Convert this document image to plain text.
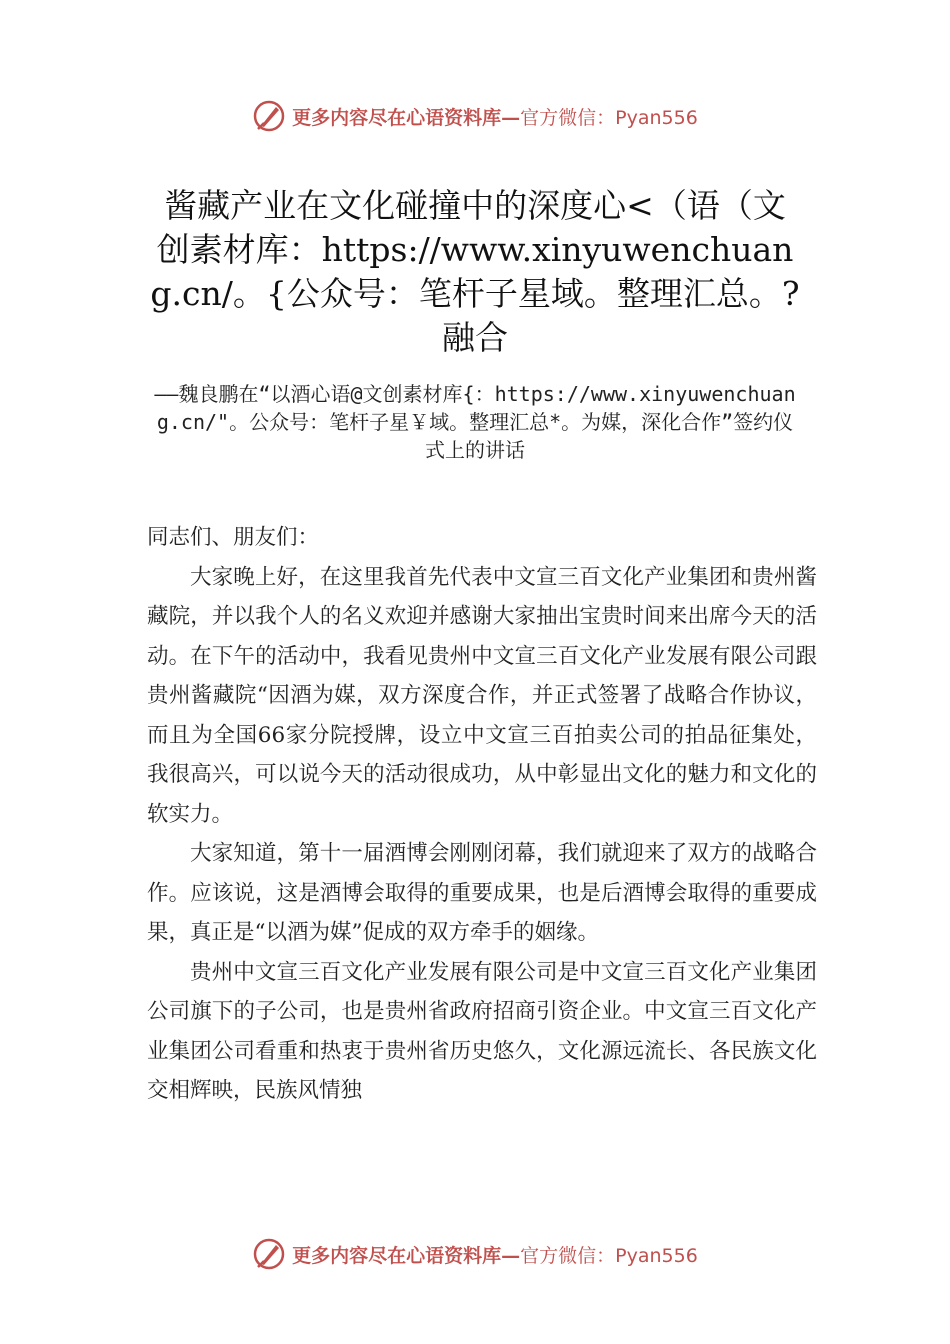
更多内容尽在心语资料库— 官方微信：Pyan556
酱藏产业在文化碰撞中的深度心<（语（文创素材库：https://www.xinyuwenchuang.cn/。{公众号：笔杆子星域。整理汇总。?融合
——魏良鹏在“以酒心语@文创素材库{：https://www.xinyuwenchuang.cn/"。公众号：笔杆子星￥域。整理汇总*。为媒，深化合作”签约仪式上的讲话

同志们、朋友们：

大家晚上好，在这里我首先代表中文宣三百文化产业集团和贵州酱藏院，并以我个人的名义欢迎并感谢大家抽出宝贵时间来出席今天的活动。在下午的活动中，我看见贵州中文宣三百文化产业发展有限公司跟贵州酱藏院“因酒为媒，双方深度合作，并正式签署了战略合作协议，而且为全国66家分院授牌，设立中文宣三百拍卖公司的拍品征集处，我很高兴，可以说今天的活动很成功，从中彰显出文化的魅力和文化的软实力。

大家知道，第十一届酒博会刚刚闭幕，我们就迎来了双方的战略合作。应该说，这是酒博会取得的重要成果，也是后酒博会取得的重要成果，真正是“以酒为媒”促成的双方牵手的姻缘。

贵州中文宣三百文化产业发展有限公司是中文宣三百文化产业集团公司旗下的子公司，也是贵州省政府招商引资企业。中文宣三百文化产业集团公司看重和热衷于贵州省历史悠久，文化源远流长、各民族文化交相辉映，民族风情独

更多内容尽在心语资料库— 官方微信：Pyan556
